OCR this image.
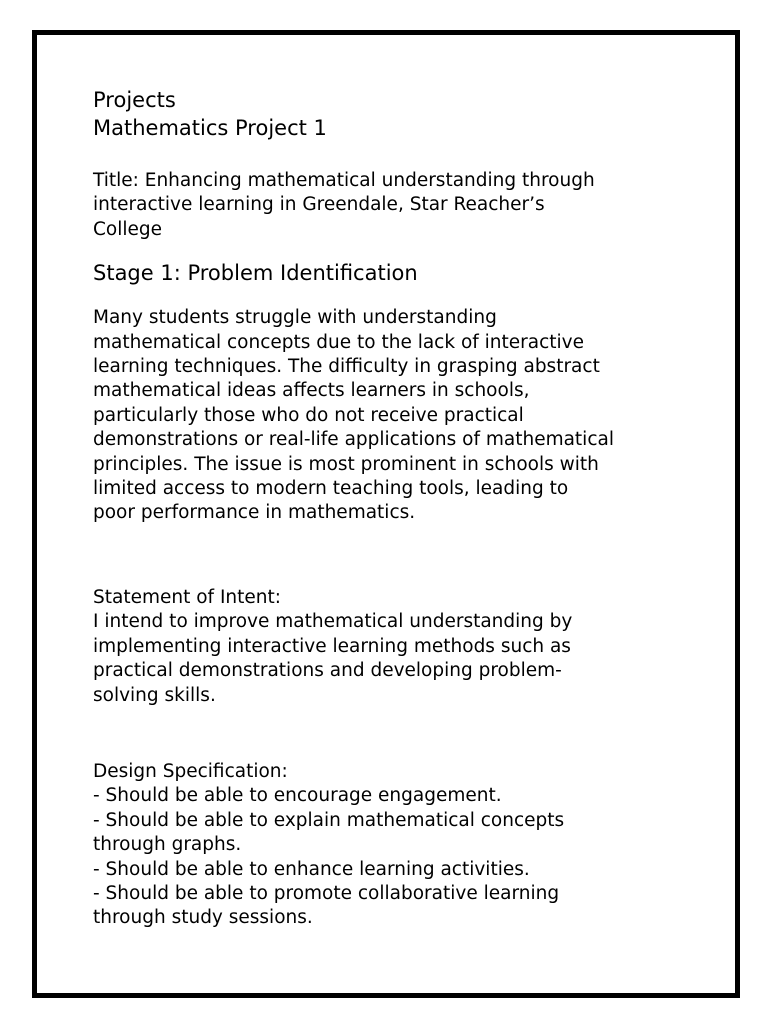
Projects

Mathematics Project 1

Title: Enhancing mathematical understanding through
interactive learning in Greendale, Star Reacher’s
College

Stage 1: Problem Identification

Many students struggle with understanding
mathematical concepts due to the lack of interactive
learning techniques. The difficulty in grasping abstract
mathematical ideas affects learners in schools,
particularly those who do not receive practical
demonstrations or real-life applications of mathematical
principles. The issue is most prominent in schools with
limited access to modern teaching tools, leading to
poor performance in mathematics.
Statement of Intent:
I intend to improve mathematical understanding by
implementing interactive learning methods such as
practical demonstrations and developing problem-
solving skills.
Design Specification:
- Should be able to encourage engagement.
- Should be able to explain mathematical concepts
through graphs.
- Should be able to enhance learning activities.
- Should be able to promote collaborative learning
through study sessions.
